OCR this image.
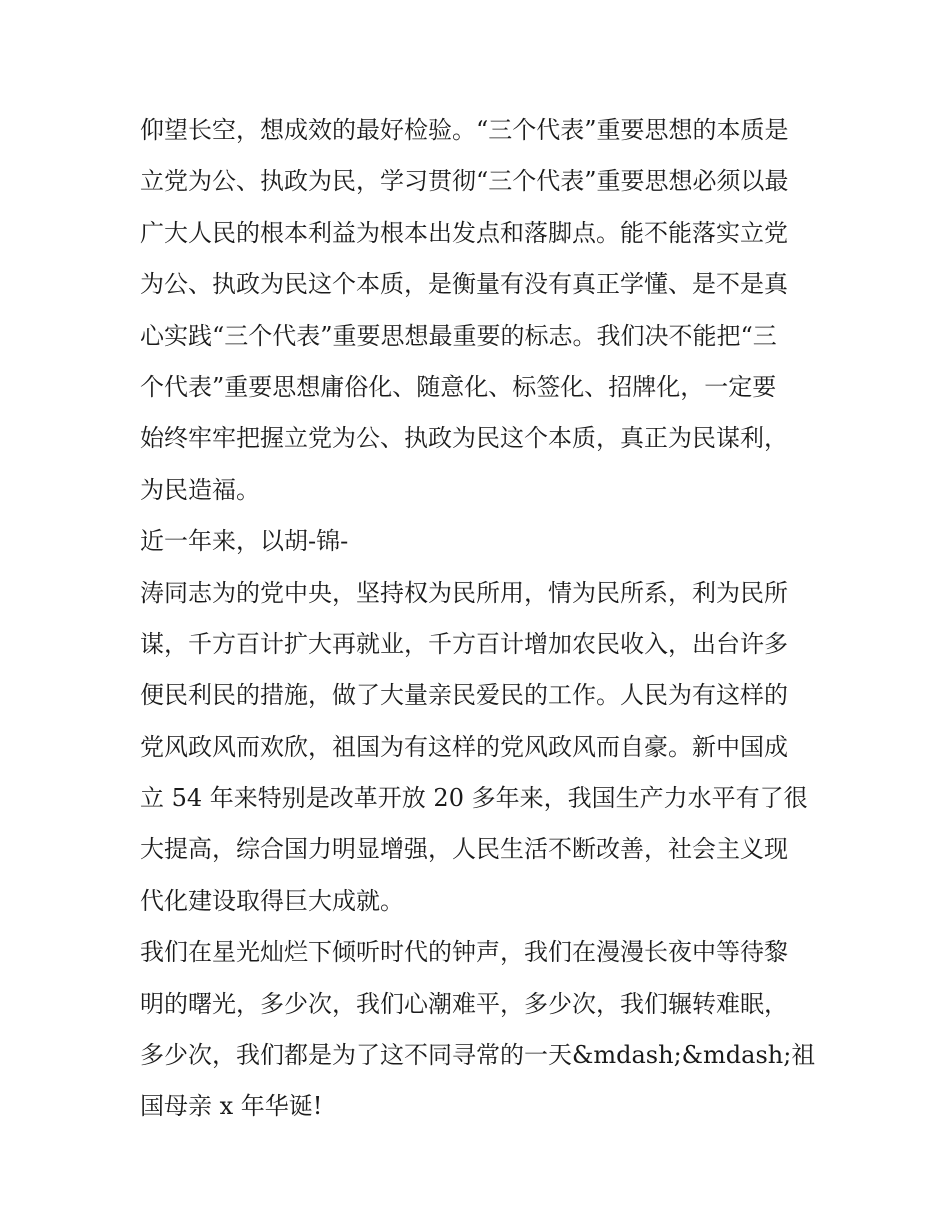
仰望长空，想成效的最好检验。“三个代表”重要思想的本质是
立党为公、执政为民，学习贯彻“三个代表”重要思想必须以最
广大人民的根本利益为根本出发点和落脚点。能不能落实立党
为公、执政为民这个本质，是衡量有没有真正学懂、是不是真
心实践“三个代表”重要思想最重要的标志。我们决不能把“三
个代表”重要思想庸俗化、随意化、标签化、招牌化，一定要
始终牢牢把握立党为公、执政为民这个本质，真正为民谋利，
为民造福。
近一年来，以胡-锦-
涛同志为的党中央，坚持权为民所用，情为民所系，利为民所
谋，千方百计扩大再就业，千方百计增加农民收入，出台许多
便民利民的措施，做了大量亲民爱民的工作。人民为有这样的
党风政风而欢欣，祖国为有这样的党风政风而自豪。新中国成
立 54 年来特别是改革开放 20 多年来，我国生产力水平有了很
大提高，综合国力明显增强，人民生活不断改善，社会主义现
代化建设取得巨大成就。
我们在星光灿烂下倾听时代的钟声，我们在漫漫长夜中等待黎
明的曙光，多少次，我们心潮难平，多少次，我们辗转难眠，
多少次，我们都是为了这不同寻常的一天&mdash;&mdash;祖
国母亲 x 年华诞!
